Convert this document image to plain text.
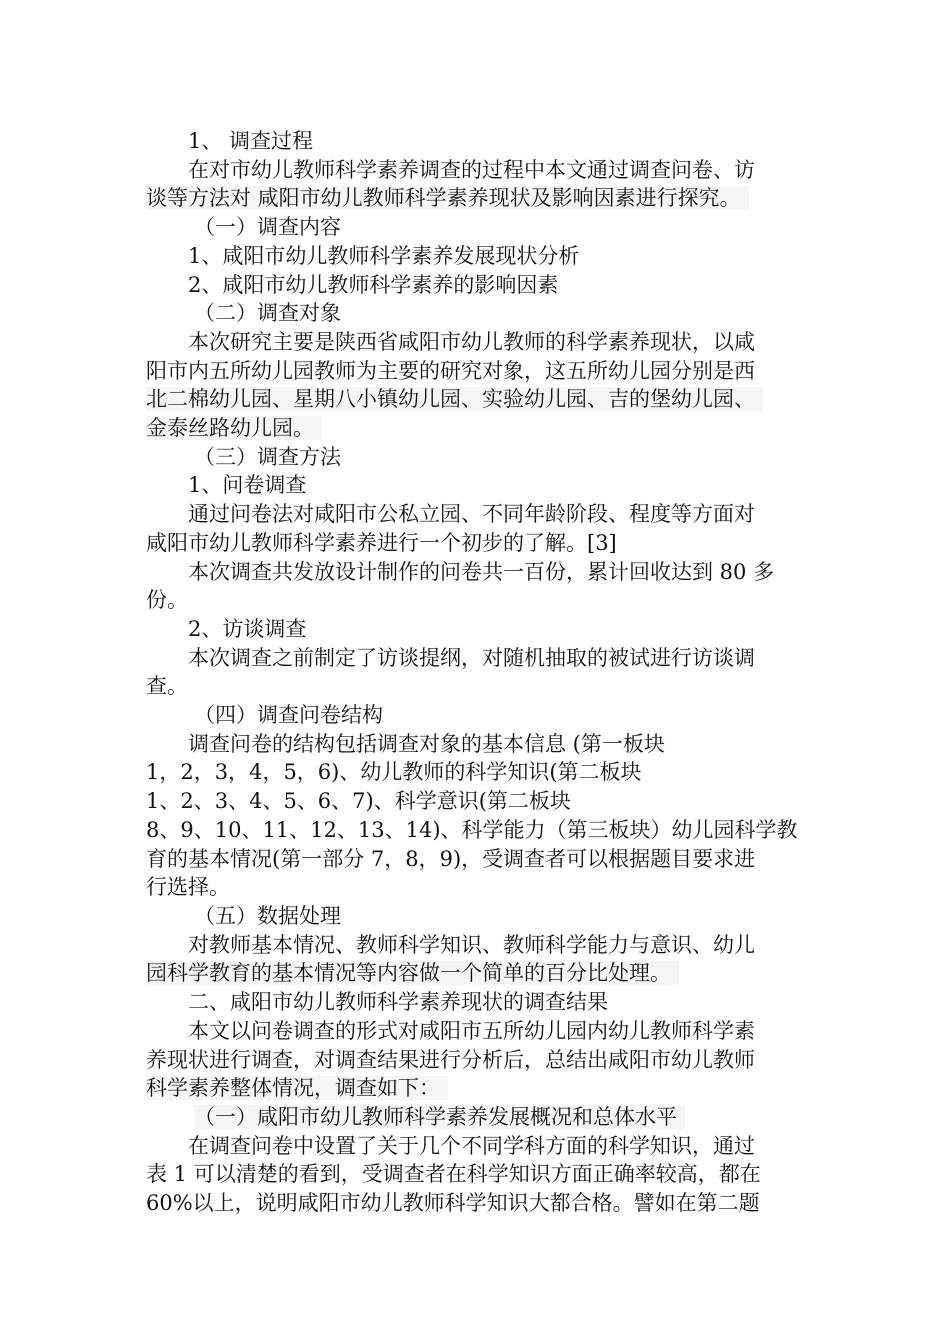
1、 调查过程
在对市幼儿教师科学素养调查的过程中本文通过调查问卷、访
谈等方法对 咸阳市幼儿教师科学素养现状及影响因素进行探究。
（一）调查内容
1、咸阳市幼儿教师科学素养发展现状分析
2、咸阳市幼儿教师科学素养的影响因素
（二）调查对象
本次研究主要是陕西省咸阳市幼儿教师的科学素养现状，以咸
阳市内五所幼儿园教师为主要的研究对象，这五所幼儿园分别是西
北二棉幼儿园、星期八小镇幼儿园、实验幼儿园、吉的堡幼儿园、
金泰丝路幼儿园。
（三）调查方法
1、问卷调查
通过问卷法对咸阳市公私立园、不同年龄阶段、程度等方面对
咸阳市幼儿教师科学素养进行一个初步的了解。[3]
本次调查共发放设计制作的问卷共一百份，累计回收达到 80 多
份。
2、访谈调查
本次调查之前制定了访谈提纲，对随机抽取的被试进行访谈调
查。
（四）调查问卷结构
调查问卷的结构包括调查对象的基本信息 (第一板块
1，2，3，4，5，6)、幼儿教师的科学知识(第二板块
1、2、3、4、5、6、7)、科学意识(第二板块
8、9、10、11、12、13、14)、科学能力（第三板块）幼儿园科学教
育的基本情况(第一部分 7，8，9)，受调查者可以根据题目要求进
行选择。
（五）数据处理
对教师基本情况、教师科学知识、教师科学能力与意识、幼儿
园科学教育的基本情况等内容做一个简单的百分比处理。
二、咸阳市幼儿教师科学素养现状的调查结果
本文以问卷调查的形式对咸阳市五所幼儿园内幼儿教师科学素
养现状进行调查，对调查结果进行分析后，总结出咸阳市幼儿教师
科学素养整体情况，调查如下：
（一）咸阳市幼儿教师科学素养发展概况和总体水平
在调查问卷中设置了关于几个不同学科方面的科学知识，通过
表 1 可以清楚的看到，受调查者在科学知识方面正确率较高，都在
60%以上，说明咸阳市幼儿教师科学知识大都合格。譬如在第二题
